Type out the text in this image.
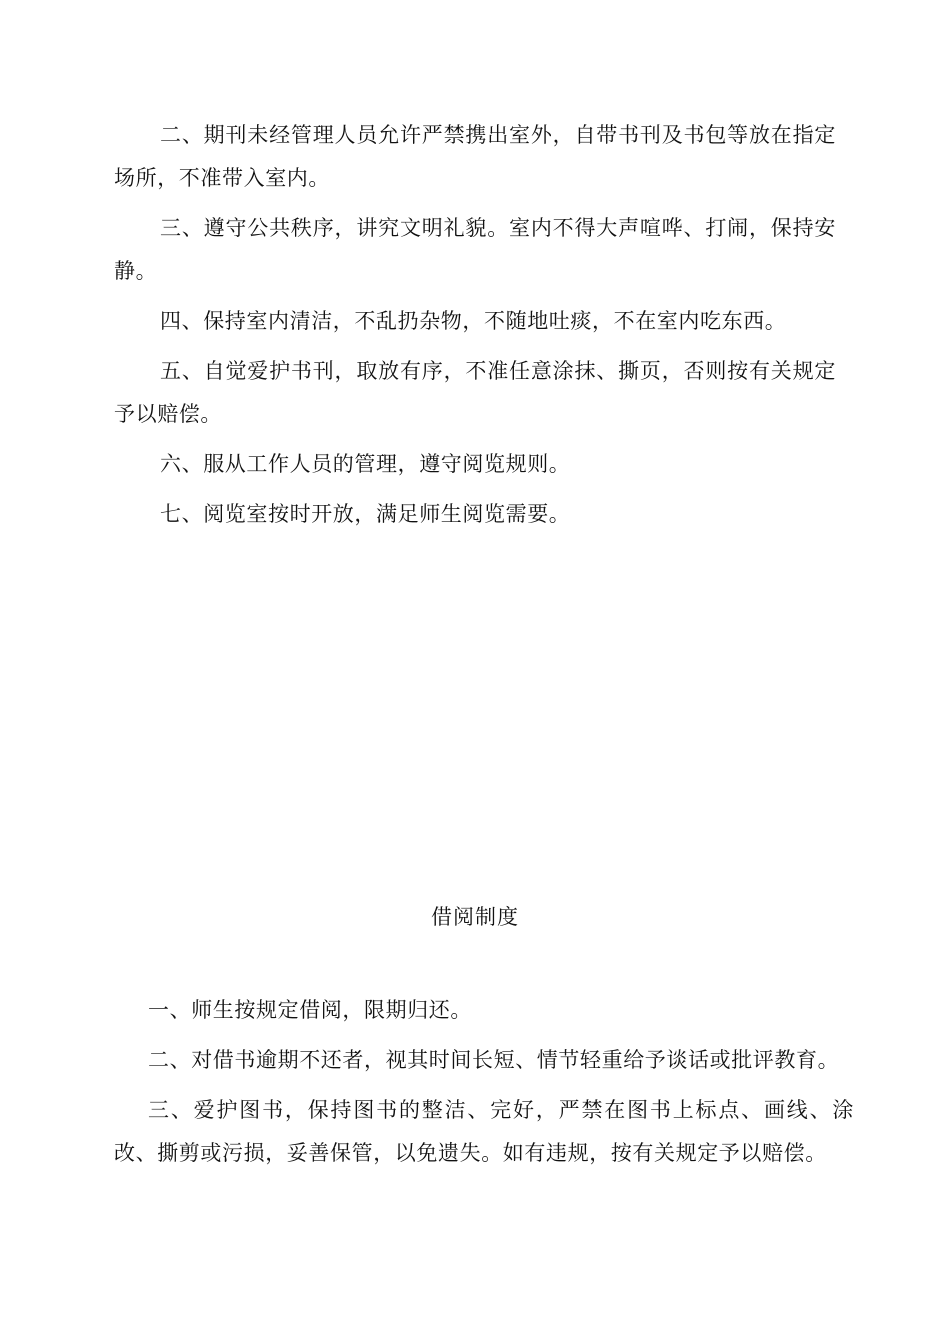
二、期刊未经管理人员允许严禁携出室外，自带书刊及书包等放在指定场所，不准带入室内。

三、遵守公共秩序，讲究文明礼貌。室内不得大声喧哗、打闹，保持安静。

四、保持室内清洁，不乱扔杂物，不随地吐痰，不在室内吃东西。

五、自觉爱护书刊，取放有序，不准任意涂抹、撕页，否则按有关规定予以赔偿。

六、服从工作人员的管理，遵守阅览规则。

七、阅览室按时开放，满足师生阅览需要。

借阅制度

一、师生按规定借阅，限期归还。

二、对借书逾期不还者，视其时间长短、情节轻重给予谈话或批评教育。

三、爱护图书，保持图书的整洁、完好，严禁在图书上标点、画线、涂改、撕剪或污损，妥善保管，以免遗失。如有违规，按有关规定予以赔偿。
